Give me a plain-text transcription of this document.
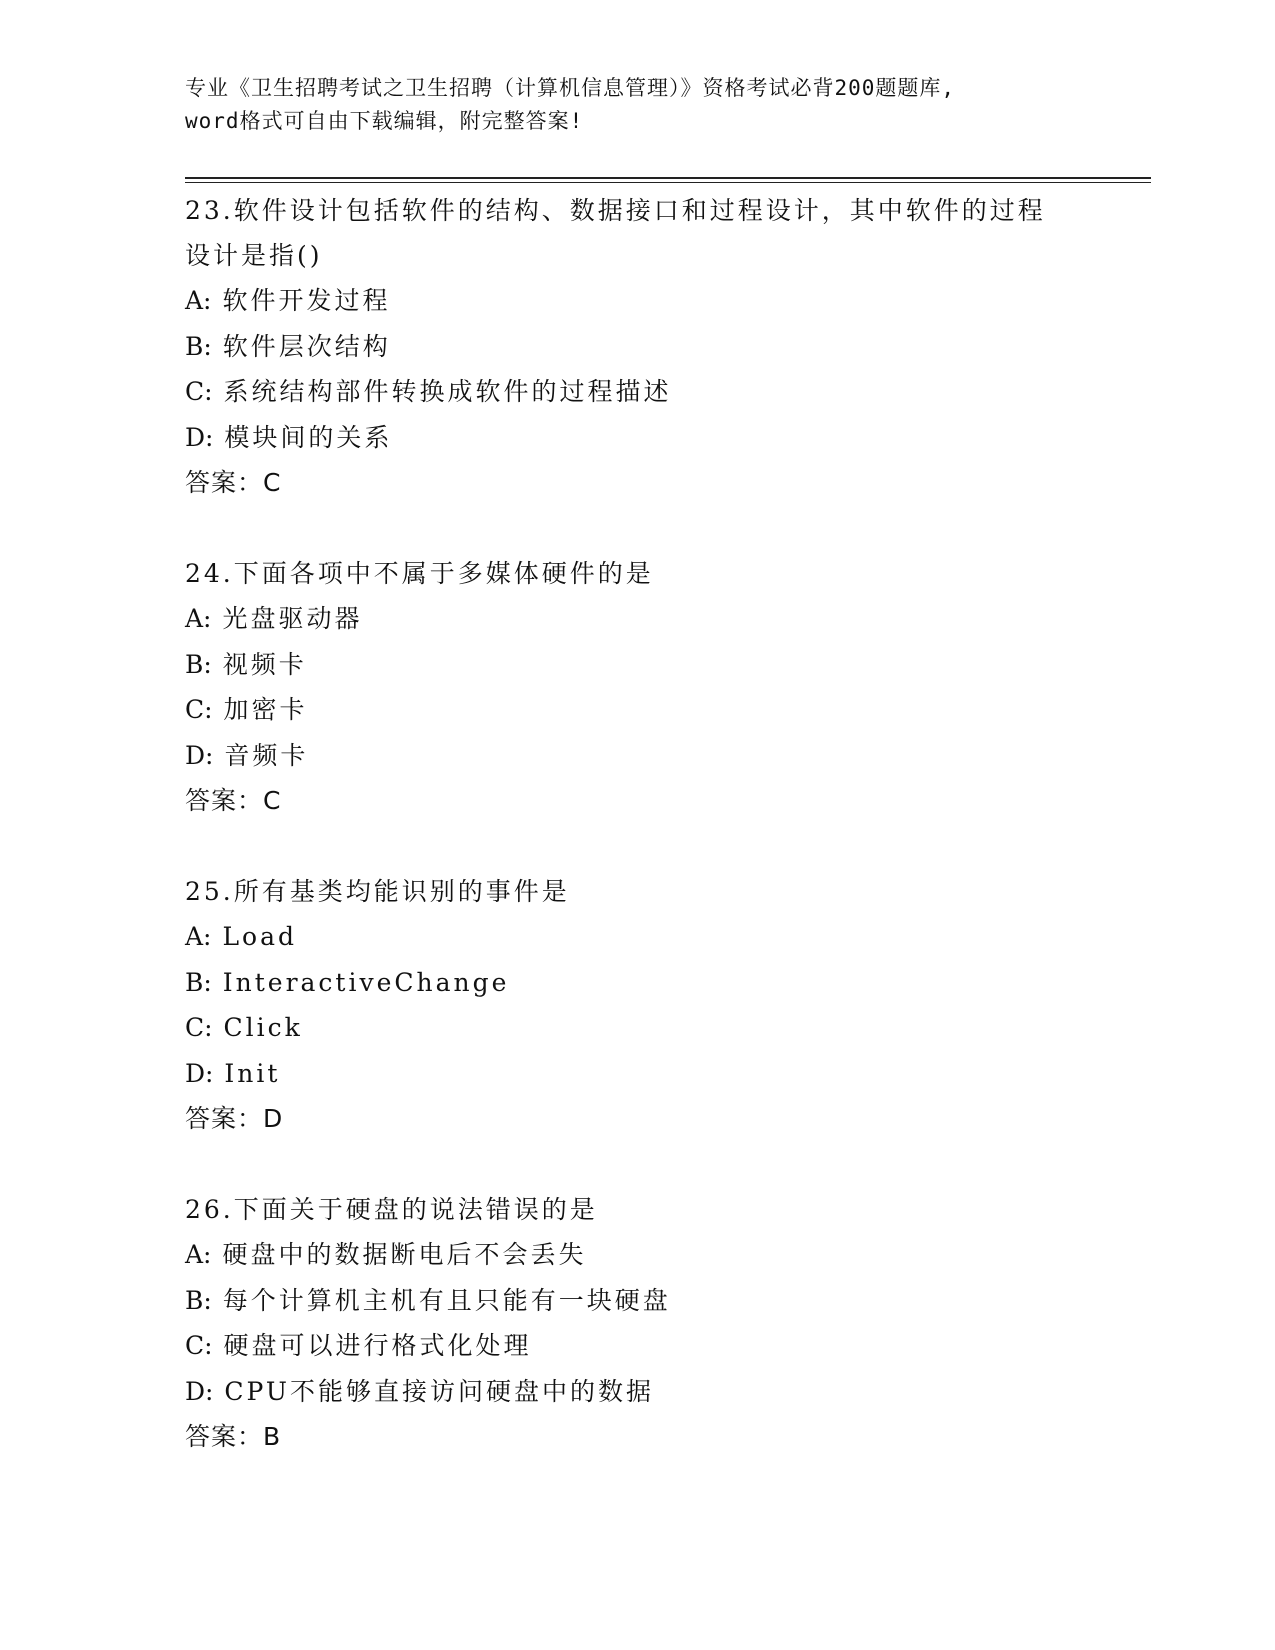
专业《卫生招聘考试之卫生招聘（计算机信息管理）》资格考试必背200题题库,
word格式可自由下载编辑，附完整答案!

23.软件设计包括软件的结构、数据接口和过程设计，其中软件的过程设计是指()

A: 软件开发过程

B: 软件层次结构

C: 系统结构部件转换成软件的过程描述

D: 模块间的关系

答案：C

24.下面各项中不属于多媒体硬件的是

A: 光盘驱动器

B: 视频卡

C: 加密卡

D: 音频卡

答案：C

25.所有基类均能识别的事件是

A: Load

B: InteractiveChange

C: Click

D: Init

答案：D

26.下面关于硬盘的说法错误的是

A: 硬盘中的数据断电后不会丢失

B: 每个计算机主机有且只能有一块硬盘

C: 硬盘可以进行格式化处理

D: CPU不能够直接访问硬盘中的数据

答案：B
